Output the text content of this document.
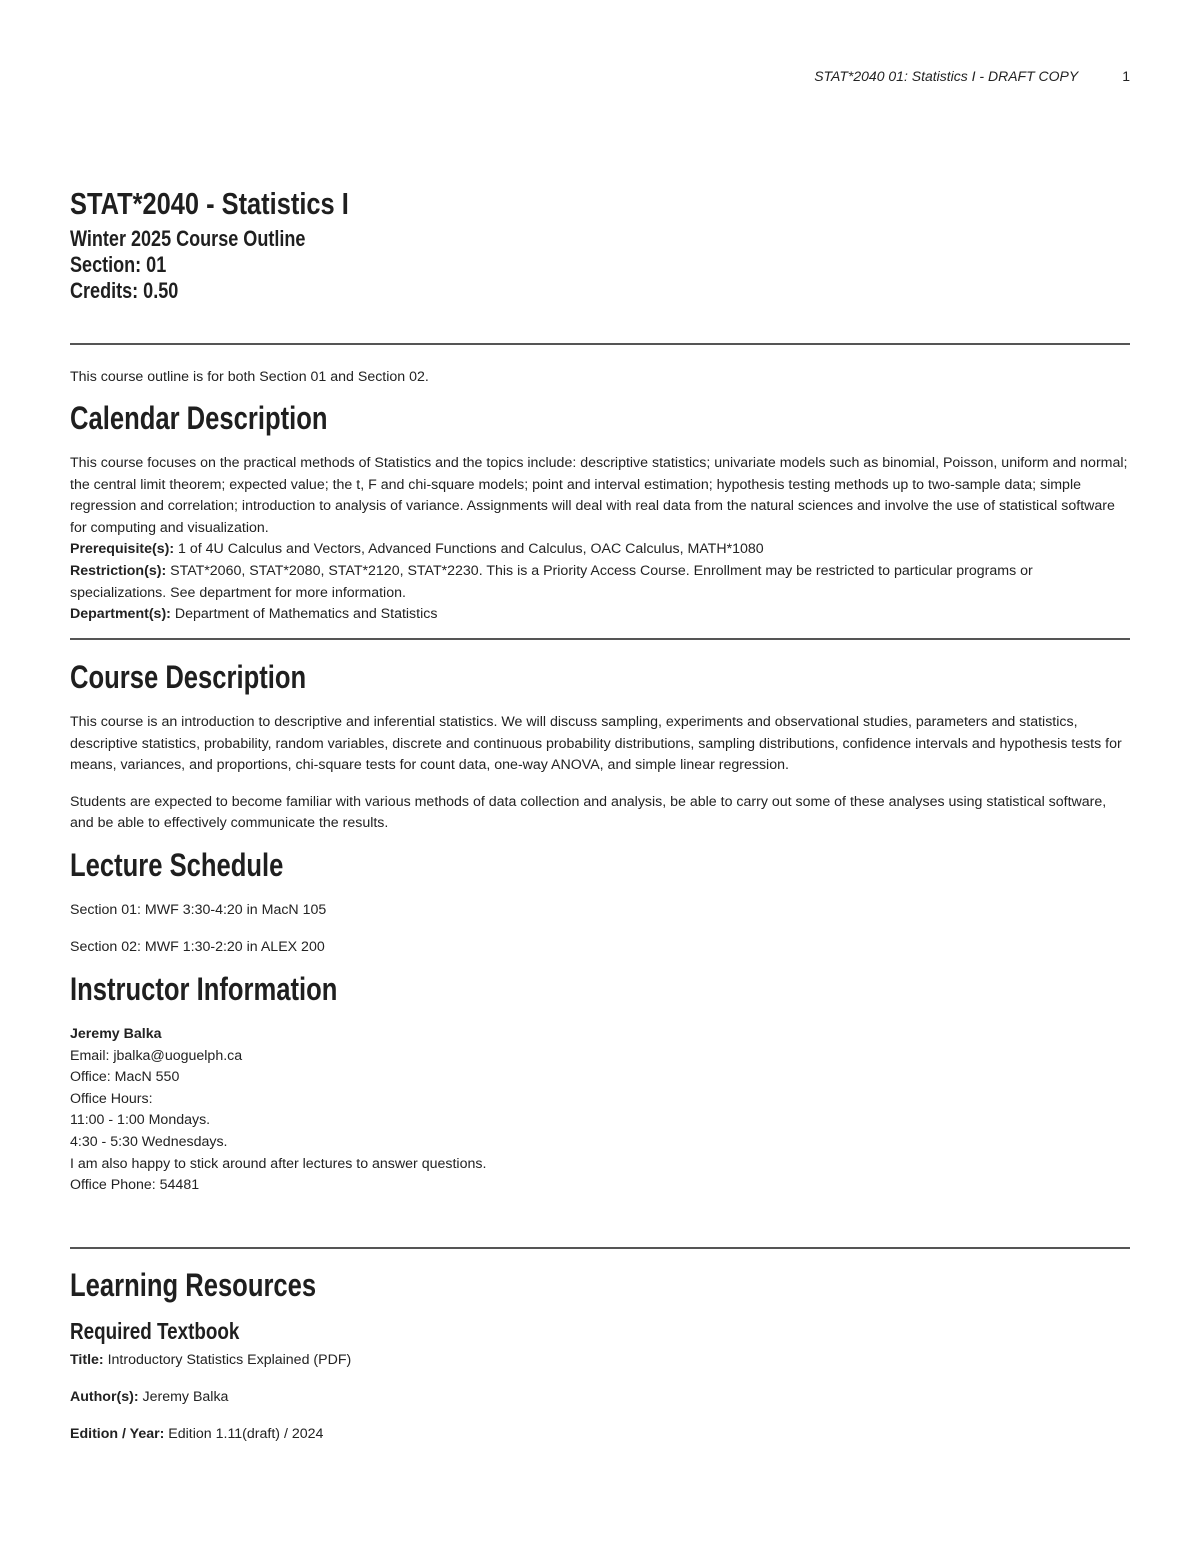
STAT*2040 01: Statistics I - DRAFT COPY	1
STAT*2040 - Statistics I
Winter 2025 Course Outline
Section: 01
Credits: 0.50
This course outline is for both Section 01 and Section 02.
Calendar Description

This course focuses on the practical methods of Statistics and the topics include: descriptive statistics; univariate models such as binomial, Poisson, uniform and normal; the central limit theorem; expected value; the t, F and chi-square models; point and interval estimation; hypothesis testing methods up to two-sample data; simple regression and correlation; introduction to analysis of variance. Assignments will deal with real data from the natural sciences and involve the use of statistical software for computing and visualization.

Prerequisite(s): 1 of 4U Calculus and Vectors, Advanced Functions and Calculus, OAC Calculus, MATH*1080

Restriction(s): STAT*2060, STAT*2080, STAT*2120, STAT*2230. This is a Priority Access Course. Enrollment may be restricted to particular programs or specializations. See department for more information.

Department(s): Department of Mathematics and Statistics

Course Description

This course is an introduction to descriptive and inferential statistics. We will discuss sampling, experiments and observational studies, parameters and statistics, descriptive statistics, probability, random variables, discrete and continuous probability distributions, sampling distributions, confidence intervals and hypothesis tests for means, variances, and proportions, chi-square tests for count data, one-way ANOVA, and simple linear regression.

Students are expected to become familiar with various methods of data collection and analysis, be able to carry out some of these analyses using statistical software, and be able to effectively communicate the results.

Lecture Schedule
Section 01: MWF 3:30-4:20 in MacN 105
Section 02: MWF 1:30-2:20 in ALEX 200
Instructor Information
Jeremy Balka
Email: jbalka@uoguelph.ca
Office: MacN 550
Office Hours:
11:00 - 1:00 Mondays.
4:30 - 5:30 Wednesdays.
I am also happy to stick around after lectures to answer questions.
Office Phone: 54481
Learning Resources
Required Textbook
Title: Introductory Statistics Explained (PDF)
Author(s): Jeremy Balka
Edition / Year: Edition 1.11(draft) / 2024
